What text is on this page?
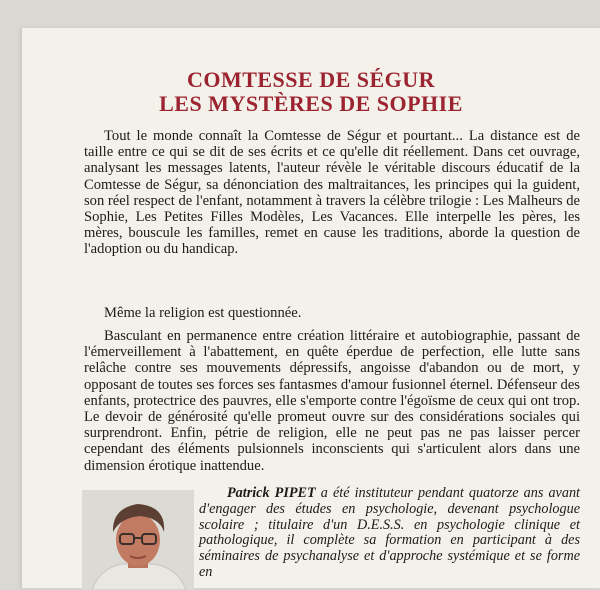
COMTESSE DE SÉGUR
LES MYSTÈRES DE SOPHIE

Tout le monde connaît la Comtesse de Ségur et pourtant... La distance est de taille entre ce qui se dit de ses écrits et ce qu'elle dit réellement. Dans cet ouvrage, analysant les messages latents, l'auteur révèle le véritable discours éducatif de la Comtesse de Ségur, sa dénonciation des maltraitances, les principes qui la guident, son réel respect de l'enfant, notamment à travers la célèbre trilogie : Les Malheurs de Sophie, Les Petites Filles Modèles, Les Vacances. Elle interpelle les pères, les mères, bouscule les familles, remet en cause les traditions, aborde la question de l'adoption ou du handicap.

Même la religion est questionnée.

Basculant en permanence entre création littéraire et autobiographie, passant de l'émerveillement à l'abattement, en quête éperdue de perfection, elle lutte sans relâche contre ses mouvements dépressifs, angoisse d'abandon ou de mort, y opposant de toutes ses forces ses fantasmes d'amour fusionnel éternel. Défenseur des enfants, protectrice des pauvres, elle s'emporte contre l'égoïsme de ceux qui ont trop. Le devoir de générosité qu'elle promeut ouvre sur des considérations sociales qui surprendront. Enfin, pétrie de religion, elle ne peut pas ne pas laisser percer cependant des éléments pulsionnels inconscients qui s'articulent alors dans une dimension érotique inattendue.

Patrick PIPET a été instituteur pendant quatorze ans avant d'engager des études en psychologie, devenant psychologue scolaire ; titulaire d'un D.E.S.S. en psychologie clinique et pathologique, il complète sa formation en participant à des séminaires de psychanalyse et d'approche systémique et se forme en
